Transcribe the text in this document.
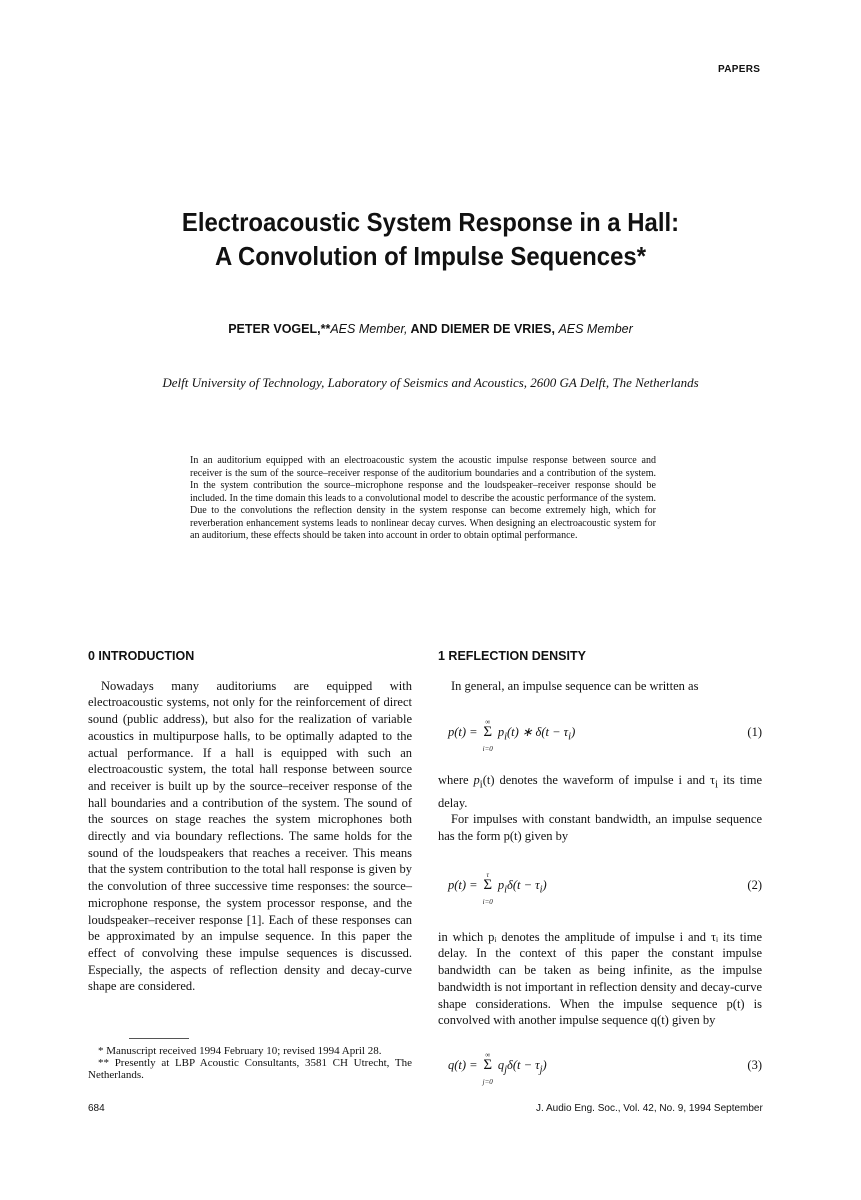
PAPERS
Electroacoustic System Response in a Hall:
A Convolution of Impulse Sequences*
PETER VOGEL,**AES Member, AND DIEMER DE VRIES, AES Member
Delft University of Technology, Laboratory of Seismics and Acoustics, 2600 GA Delft, The Netherlands
In an auditorium equipped with an electroacoustic system the acoustic impulse response between source and receiver is the sum of the source–receiver response of the auditorium boundaries and a contribution of the system. In the system contribution the source–microphone response and the loudspeaker–receiver response should be included. In the time domain this leads to a convolutional model to describe the acoustic performance of the system. Due to the convolutions the reflection density in the system response can become extremely high, which for reverberation enhancement systems leads to nonlinear decay curves. When designing an electroacoustic system for an auditorium, these effects should be taken into account in order to obtain optimal performance.
0 INTRODUCTION

Nowadays many auditoriums are equipped with electroacoustic systems, not only for the reinforcement of direct sound (public address), but also for the realization of variable acoustics in multipurpose halls, to be optimally adapted to the actual performance. If a hall is equipped with such an electroacoustic system, the total hall response between source and receiver is built up by the source–receiver response of the hall boundaries and a contribution of the system. The sound of the sources on stage reaches the system microphones both directly and via boundary reflections. The same holds for the sound of the loudspeakers that reaches a receiver. This means that the system contribution to the total hall response is given by the convolution of three successive time responses: the source–microphone response, the system processor response, and the loudspeaker–receiver response [1]. Each of these responses can be approximated by an impulse sequence. In this paper the effect of convolving these impulse sequences is discussed. Especially, the aspects of reflection density and decay-curve shape are considered.

* Manuscript received 1994 February 10; revised 1994 April 28.
** Presently at LBP Acoustic Consultants, 3581 CH Utrecht, The Netherlands.
1 REFLECTION DENSITY

In general, an impulse sequence can be written as

p(t) = Σ
∞
i=0
$p_i(t)$ ∗ $\delta(t - \tau_i)$	(1)

where $p_i(t)$ denotes the waveform of impulse i and $\tau_i$ its time delay.

For impulses with constant bandwidth, an impulse sequence has the form p(t) given by

p(t) = Σ
τ
i=0
$p_i\delta(t - \tau_i)$	(2)

in which pᵢ denotes the amplitude of impulse i and τᵢ its time delay. In the context of this paper the constant impulse bandwidth can be taken as being infinite, as the impulse bandwidth is not important in reflection density and decay-curve shape considerations. When the impulse sequence p(t) is convolved with another impulse sequence q(t) given by

q(t) = Σ
∞
j=0
$q_j\delta(t - \tau_j)$	(3)
684	J. Audio Eng. Soc., Vol. 42, No. 9, 1994 September
